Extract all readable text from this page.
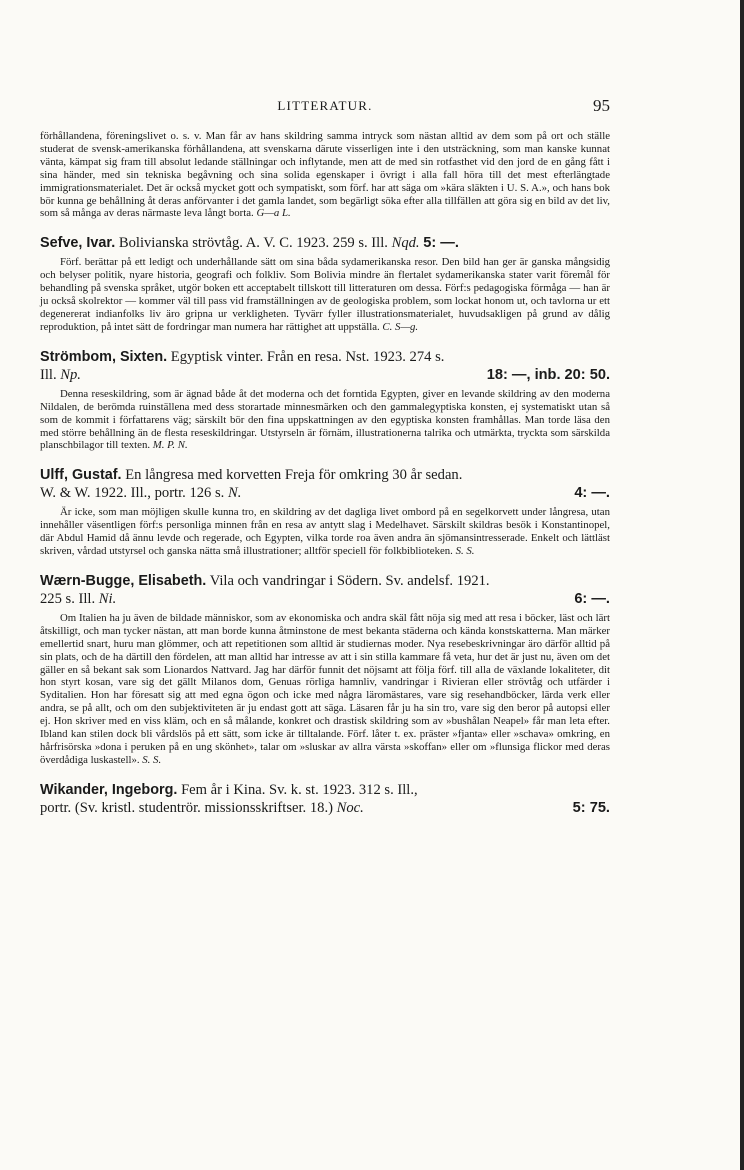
LITTERATUR.	95

förhållandena, föreningslivet o. s. v. Man får av hans skildring samma intryck som nästan alltid av dem som på ort och ställe studerat de svensk-amerikanska förhållandena, att svenskarna därute visserligen inte i den utsträckning, som man kanske kunnat vänta, kämpat sig fram till absolut ledande ställningar och inflytande, men att de med sin rotfasthet vid den jord de en gång fått i sina händer, med sin tekniska begåvning och sina solida egenskaper i övrigt i alla fall höra till det mest efterlängtade immigrationsmaterialet. Det är också mycket gott och sympatiskt, som förf. har att säga om »kära släkten i U. S. A.», och hans bok bör kunna ge behållning åt deras anförvanter i det gamla landet, som begärligt söka efter alla tillfällen att göra sig en bild av det liv, som så många av deras närmaste leva långt borta. G—a L.

Sefve, Ivar. Bolivianska strövtåg. A. V. C. 1923. 259 s. Ill. Nqd. 5: —.

Förf. berättar på ett ledigt och underhållande sätt om sina båda sydamerikanska resor. Den bild han ger är ganska mångsidig och belyser politik, nyare historia, geografi och folkliv. Som Bolivia mindre än flertalet sydamerikanska stater varit föremål för behandling på svenska språket, utgör boken ett acceptabelt tillskott till litteraturen om dessa. Förf:s pedagogiska förmåga — han är ju också skolrektor — kommer väl till pass vid framställningen av de geologiska problem, som lockat honom ut, och tavlorna ur ett degenererat indianfolks liv äro gripna ur verkligheten. Tyvärr fyller illustrationsmaterialet, huvudsakligen på grund av dålig reproduktion, på intet sätt de fordringar man numera har rättighet att uppställa. C. S—g.

Strömbom, Sixten. Egyptisk vinter. Från en resa. Nst. 1923. 274 s.
Ill. Np.	18: —, inb. 20: 50.

Denna reseskildring, som är ägnad både åt det moderna och det forntida Egypten, giver en levande skildring av den moderna Nildalen, de berömda ruinställena med dess storartade minnesmärken och den gammalegyptiska konsten, ej systematiskt utan så som de kommit i författarens väg; särskilt bör den fina uppskattningen av den egyptiska konsten framhållas. Man torde läsa den med större behållning än de flesta reseskildringar. Utstyrseln är förnäm, illustrationerna talrika och utmärkta, tryckta som särskilda planschbilagor till texten. M. P. N.

Ulff, Gustaf. En långresa med korvetten Freja för omkring 30 år sedan.
W. & W. 1922. Ill., portr. 126 s. N.	4: —.

Är icke, som man möjligen skulle kunna tro, en skildring av det dagliga livet ombord på en segelkorvett under långresa, utan innehåller väsentligen förf:s personliga minnen från en resa av antytt slag i Medelhavet. Särskilt skildras besök i Konstantinopel, där Abdul Hamid då ännu levde och regerade, och Egypten, vilka torde roa även andra än sjömansintresserade. Enkelt och lättläst skriven, vårdad utstyrsel och ganska nätta små illustrationer; alltför speciell för folkbiblioteken. S. S.

Wærn-Bugge, Elisabeth. Vila och vandringar i Södern. Sv. andelsf. 1921.
225 s. Ill. Ni.	6: —.

Om Italien ha ju även de bildade människor, som av ekonomiska och andra skäl fått nöja sig med att resa i böcker, läst och lärt åtskilligt, och man tycker nästan, att man borde kunna åtminstone de mest bekanta städerna och kända konstskatterna. Man märker emellertid snart, huru man glömmer, och att repetitionen som alltid är studiernas moder. Nya resebeskrivningar äro därför alltid på sin plats, och de ha därtill den fördelen, att man alltid har intresse av att i sin stilla kammare få veta, hur det är just nu, även om det gäller en så bekant sak som Lionardos Nattvard. Jag har därför funnit det nöjsamt att följa förf. till alla de växlande lokaliteter, dit hon styrt kosan, vare sig det gällt Milanos dom, Genuas rörliga hamnliv, vandringar i Rivieran eller strövtåg och utfärder i Syditalien. Hon har föresatt sig att med egna ögon och icke med några läromästares, vare sig resehandböcker, lärda verk eller andra, se på allt, och om den subjektiviteten är ju endast gott att säga. Läsaren får ju ha sin tro, vare sig den beror på autopsi eller ej. Hon skriver med en viss kläm, och en så målande, konkret och drastisk skildring som av »bushålan Neapel» får man leta efter. Ibland kan stilen dock bli vårdslös på ett sätt, som icke är tilltalande. Förf. låter t. ex. präster »fjanta» eller »schava» omkring, en hårfrisörska »dona i peruken på en ung skönhet», talar om »sluskar av allra värsta »skoffan» eller om »flunsiga flickor med deras överdådiga luskastell». S. S.

Wikander, Ingeborg. Fem år i Kina. Sv. k. st. 1923. 312 s. Ill.,
portr. (Sv. kristl. studentrör. missionsskriftser. 18.) Noc.	5: 75.
